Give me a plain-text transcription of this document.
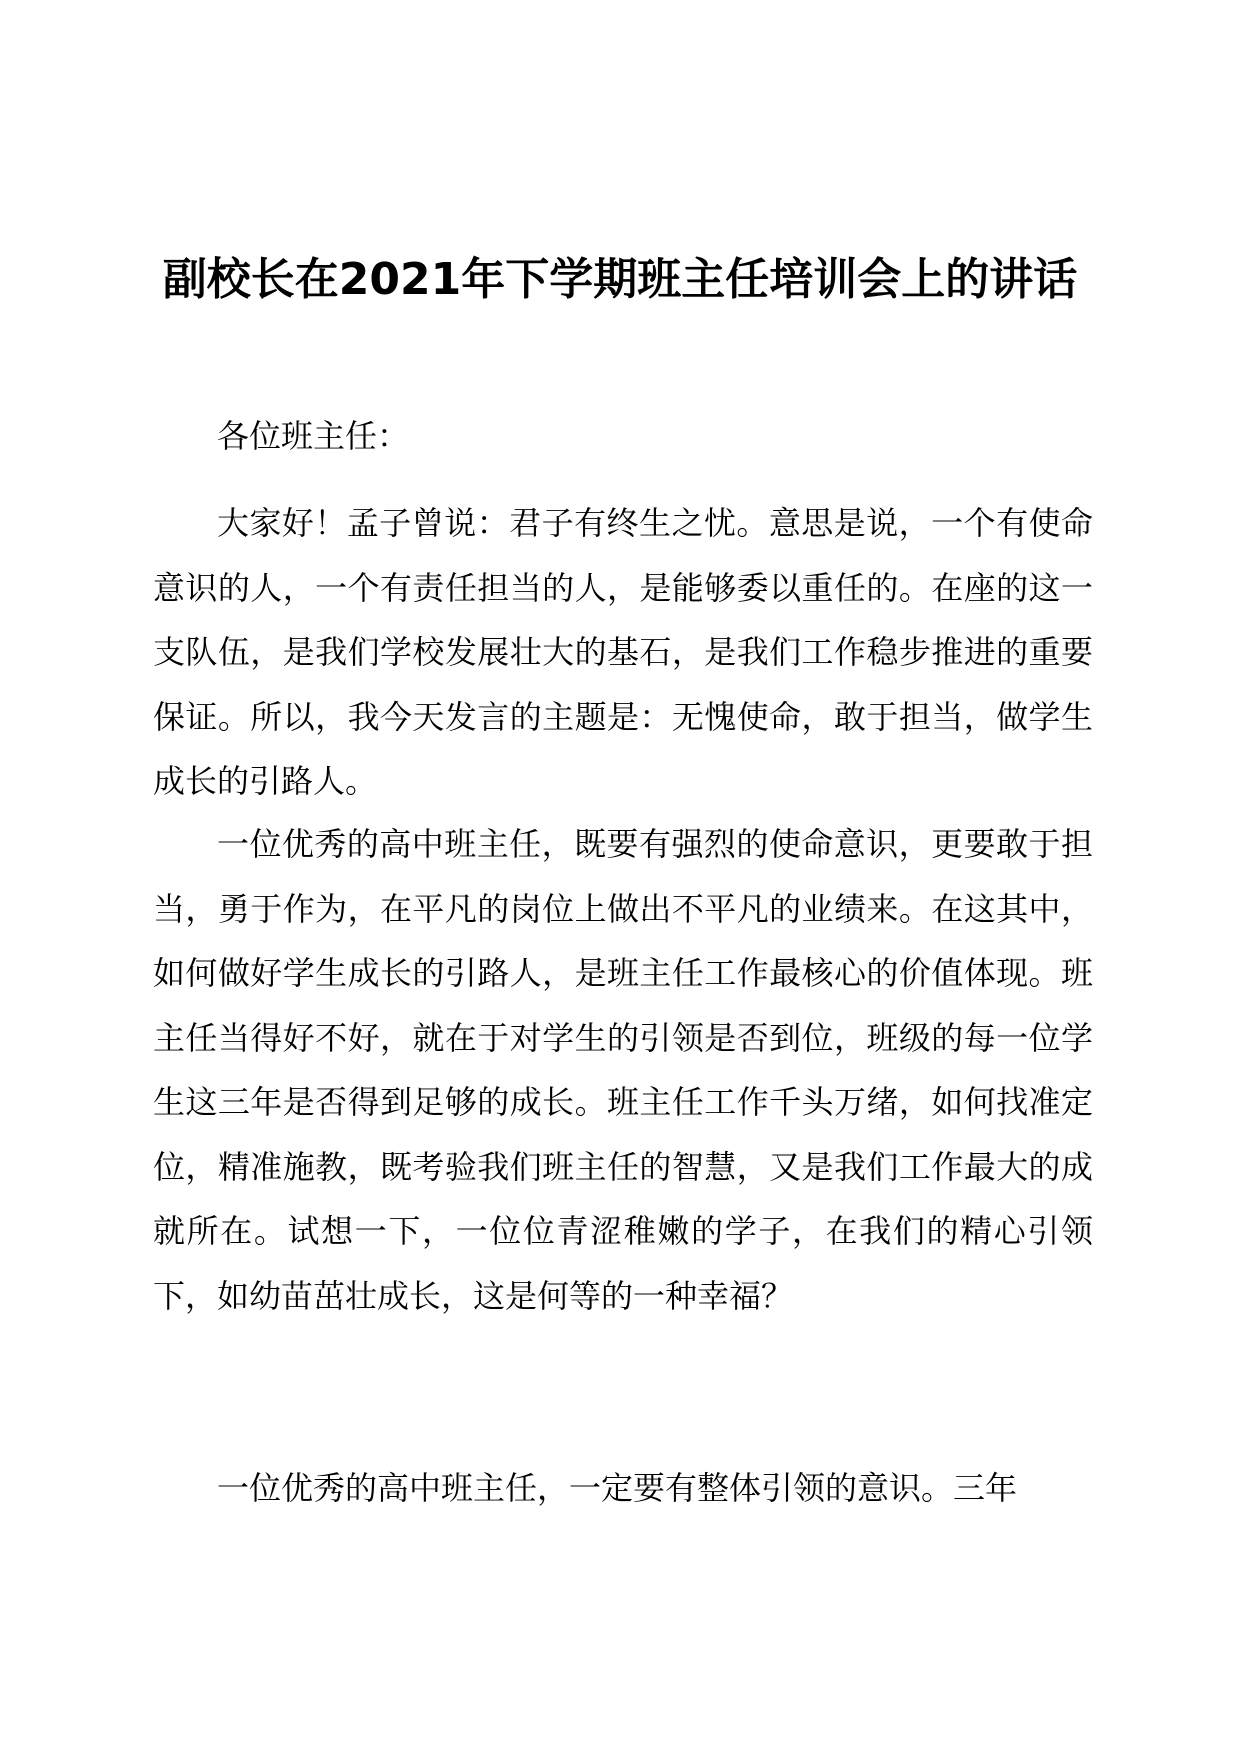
副校长在2021年下学期班主任培训会上的讲话

各位班主任：

大家好！孟子曾说：君子有终生之忧。意思是说，一个有使命意识的人，一个有责任担当的人，是能够委以重任的。在座的这一支队伍，是我们学校发展壮大的基石，是我们工作稳步推进的重要保证。所以，我今天发言的主题是：无愧使命，敢于担当，做学生成长的引路人。

一位优秀的高中班主任，既要有强烈的使命意识，更要敢于担当，勇于作为，在平凡的岗位上做出不平凡的业绩来。在这其中，如何做好学生成长的引路人，是班主任工作最核心的价值体现。班主任当得好不好，就在于对学生的引领是否到位，班级的每一位学生这三年是否得到足够的成长。班主任工作千头万绪，如何找准定位，精准施教，既考验我们班主任的智慧，又是我们工作最大的成就所在。试想一下，一位位青涩稚嫩的学子，在我们的精心引领下，如幼苗茁壮成长，这是何等的一种幸福？

一位优秀的高中班主任，一定要有整体引领的意识。三年
